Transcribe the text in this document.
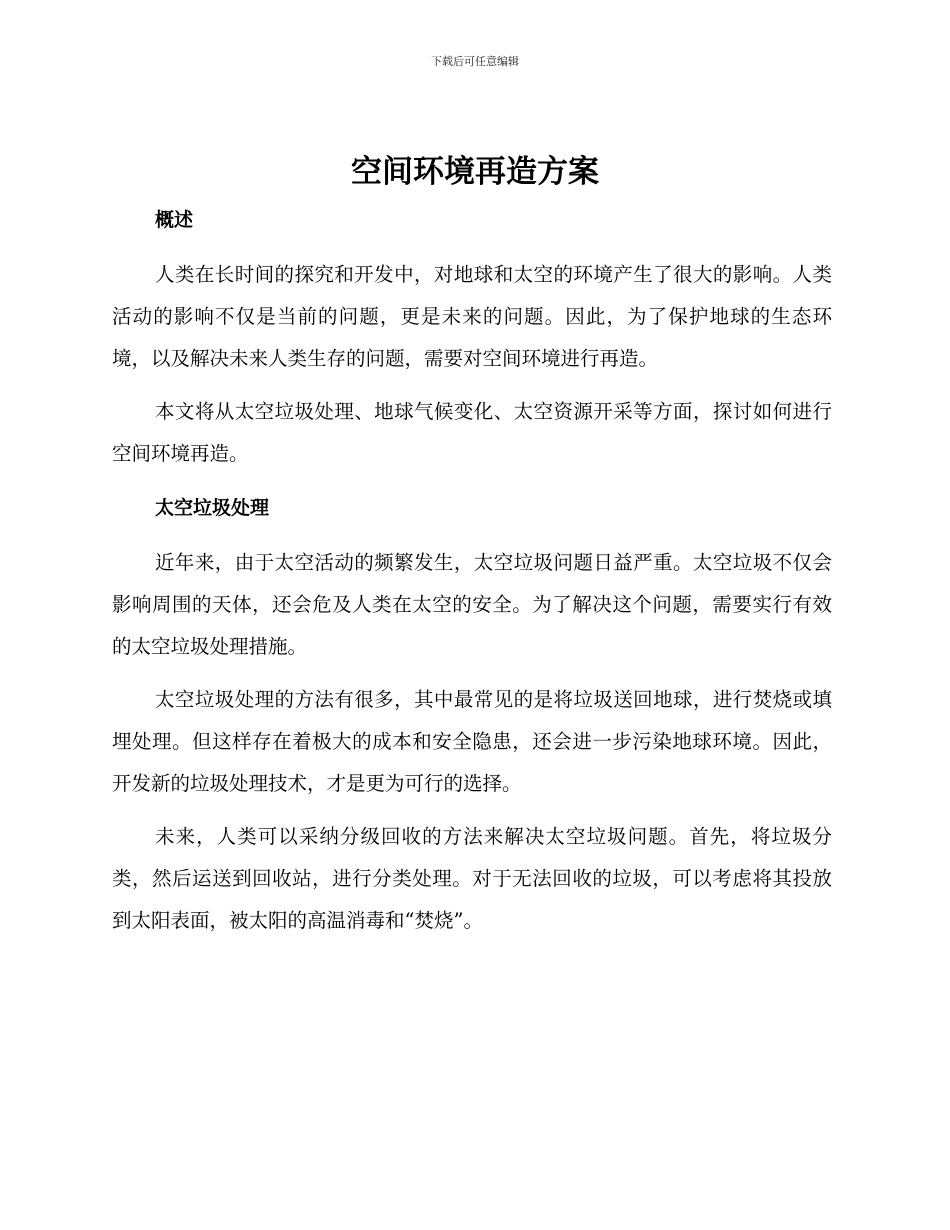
下载后可任意编辑
空间环境再造方案
概述

人类在长时间的探究和开发中，对地球和太空的环境产生了很大的影响。人类活动的影响不仅是当前的问题，更是未来的问题。因此，为了保护地球的生态环境，以及解决未来人类生存的问题，需要对空间环境进行再造。

本文将从太空垃圾处理、地球气候变化、太空资源开采等方面，探讨如何进行空间环境再造。

太空垃圾处理

近年来，由于太空活动的频繁发生，太空垃圾问题日益严重。太空垃圾不仅会影响周围的天体，还会危及人类在太空的安全。为了解决这个问题，需要实行有效的太空垃圾处理措施。

太空垃圾处理的方法有很多，其中最常见的是将垃圾送回地球，进行焚烧或填埋处理。但这样存在着极大的成本和安全隐患，还会进一步污染地球环境。因此，开发新的垃圾处理技术，才是更为可行的选择。

未来，人类可以采纳分级回收的方法来解决太空垃圾问题。首先，将垃圾分类，然后运送到回收站，进行分类处理。对于无法回收的垃圾，可以考虑将其投放到太阳表面，被太阳的高温消毒和“焚烧”。
